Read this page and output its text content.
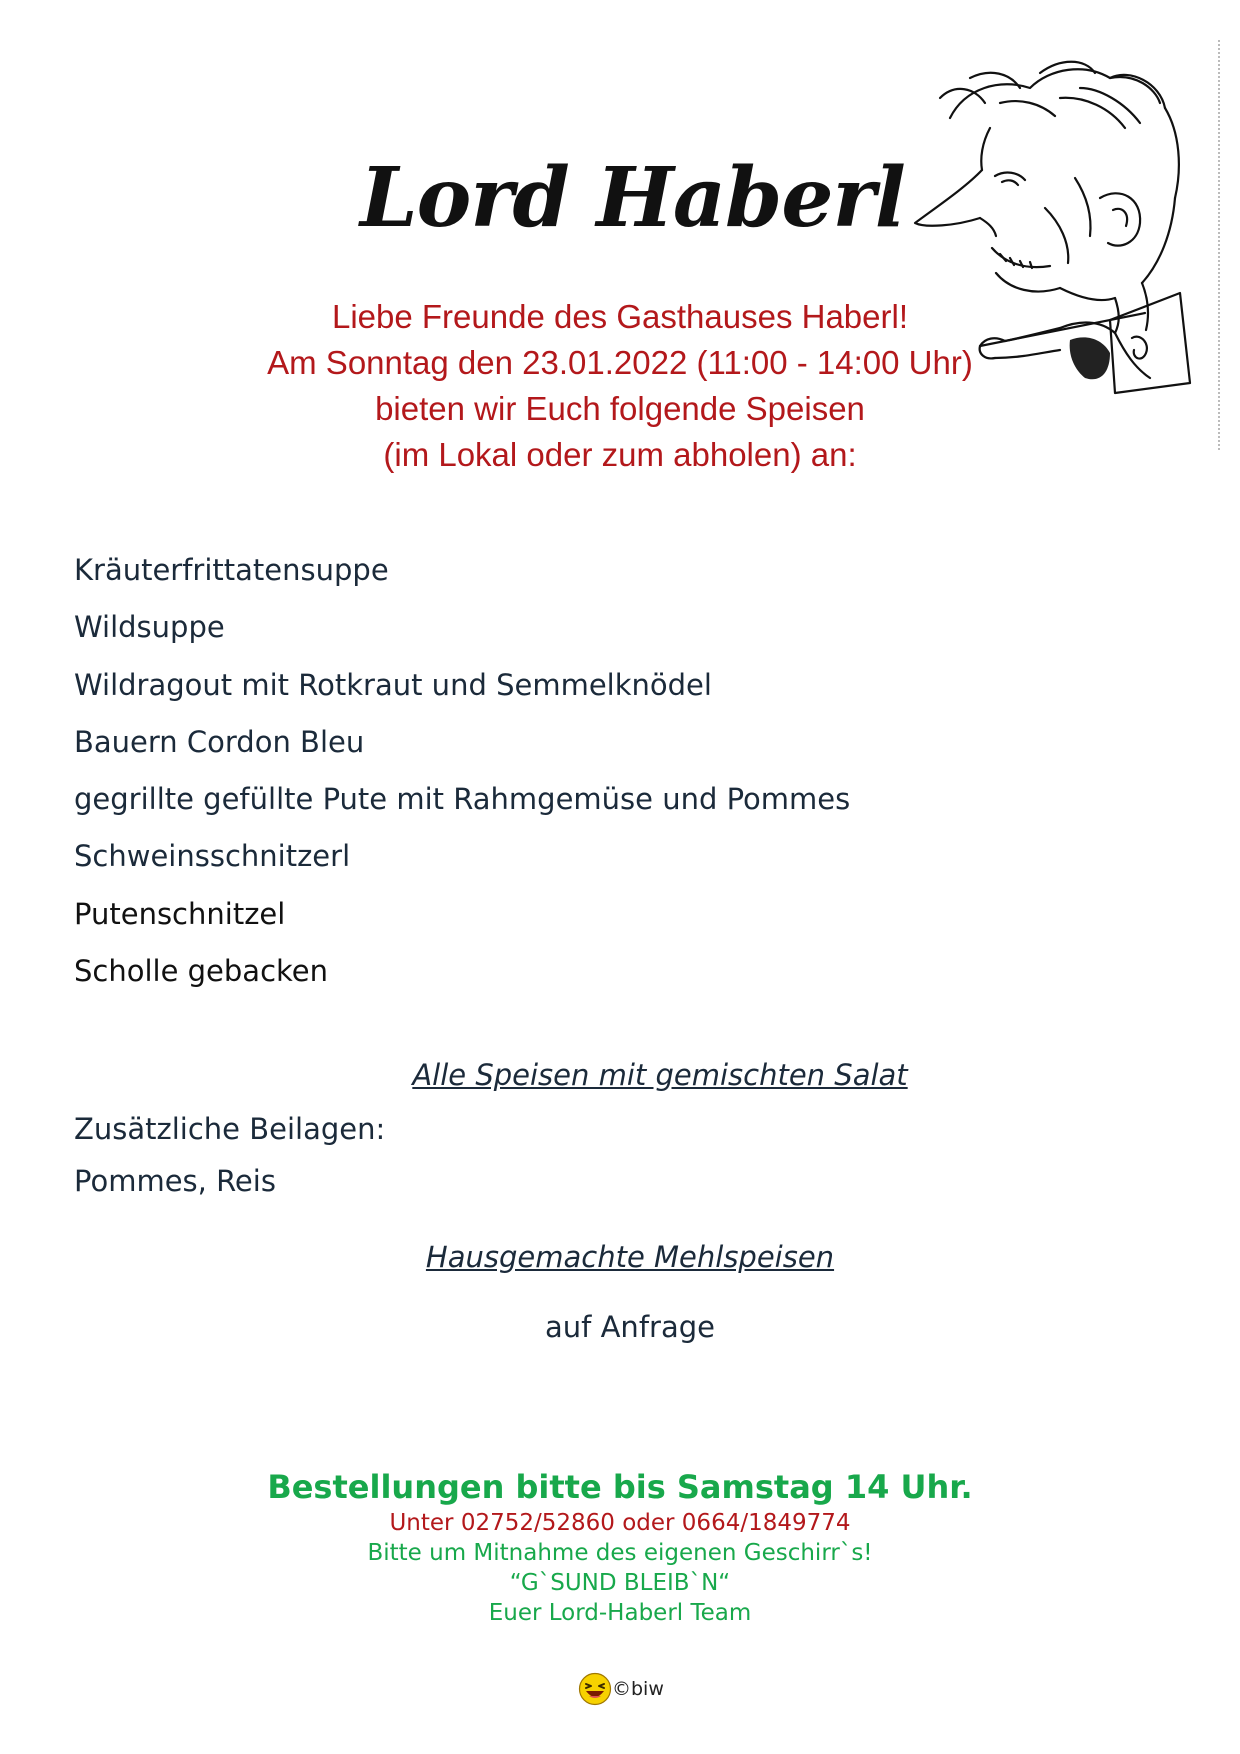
Lord Haberl
Liebe Freunde des Gasthauses Haberl!
Am Sonntag den 23.01.2022 (11:00 - 14:00 Uhr)
bieten wir Euch folgende Speisen
(im Lokal oder zum abholen) an:
Kräuterfrittatensuppe
Wildsuppe
Wildragout mit Rotkraut und Semmelknödel
Bauern Cordon Bleu
gegrillte gefüllte Pute mit Rahmgemüse und Pommes
Schweinsschnitzerl
Putenschnitzel
Scholle gebacken
Alle Speisen mit gemischten Salat
Zusätzliche Beilagen:
Pommes, Reis
Hausgemachte Mehlspeisen
auf Anfrage
Bestellungen bitte bis Samstag 14 Uhr.
Unter 02752/52860 oder 0664/1849774
Bitte um Mitnahme des eigenen Geschirr`s!
“G`SUND BLEIB`N“
Euer Lord-Haberl Team
©biw
